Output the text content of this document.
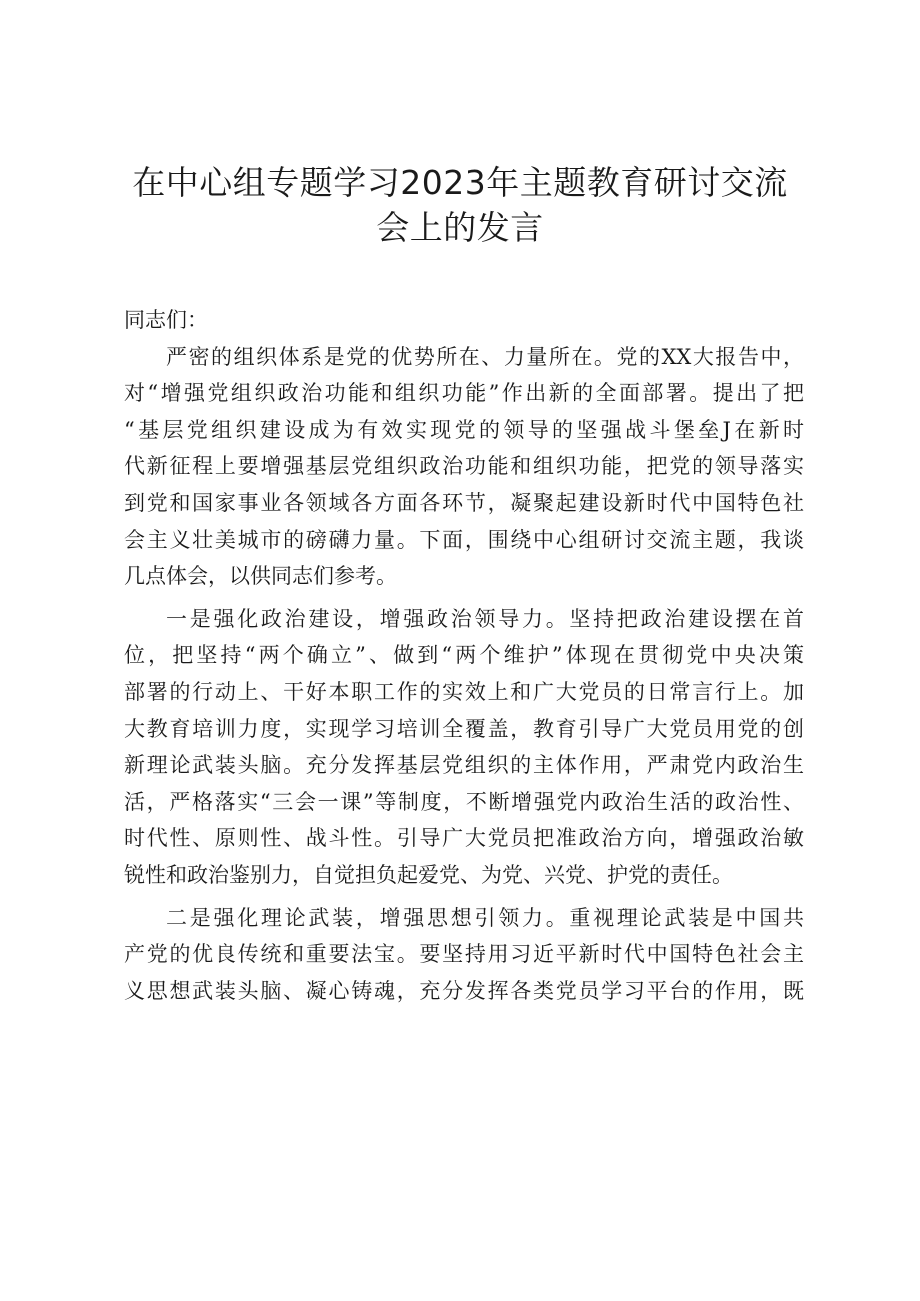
在中心组专题学习2023年主题教育研讨交流
会上的发言
同志们：
严密的组织体系是党的优势所在、力量所在。党的XX大报告中，
对“增强党组织政治功能和组织功能”作出新的全面部署。提出了把
“基层党组织建设成为有效实现党的领导的坚强战斗堡垒J在新时
代新征程上要增强基层党组织政治功能和组织功能，把党的领导落实
到党和国家事业各领域各方面各环节，凝聚起建设新时代中国特色社
会主义壮美城市的磅礴力量。下面，围绕中心组研讨交流主题，我谈
几点体会，以供同志们参考。
一是强化政治建设，增强政治领导力。坚持把政治建设摆在首
位，把坚持“两个确立”、做到“两个维护”体现在贯彻党中央决策
部署的行动上、干好本职工作的实效上和广大党员的日常言行上。加
大教育培训力度，实现学习培训全覆盖，教育引导广大党员用党的创
新理论武装头脑。充分发挥基层党组织的主体作用，严肃党内政治生
活，严格落实“三会一课”等制度，不断增强党内政治生活的政治性、
时代性、原则性、战斗性。引导广大党员把准政治方向，增强政治敏
锐性和政治鉴别力，自觉担负起爱党、为党、兴党、护党的责任。
二是强化理论武装，增强思想引领力。重视理论武装是中国共
产党的优良传统和重要法宝。要坚持用习近平新时代中国特色社会主
义思想武装头脑、凝心铸魂，充分发挥各类党员学习平台的作用，既
